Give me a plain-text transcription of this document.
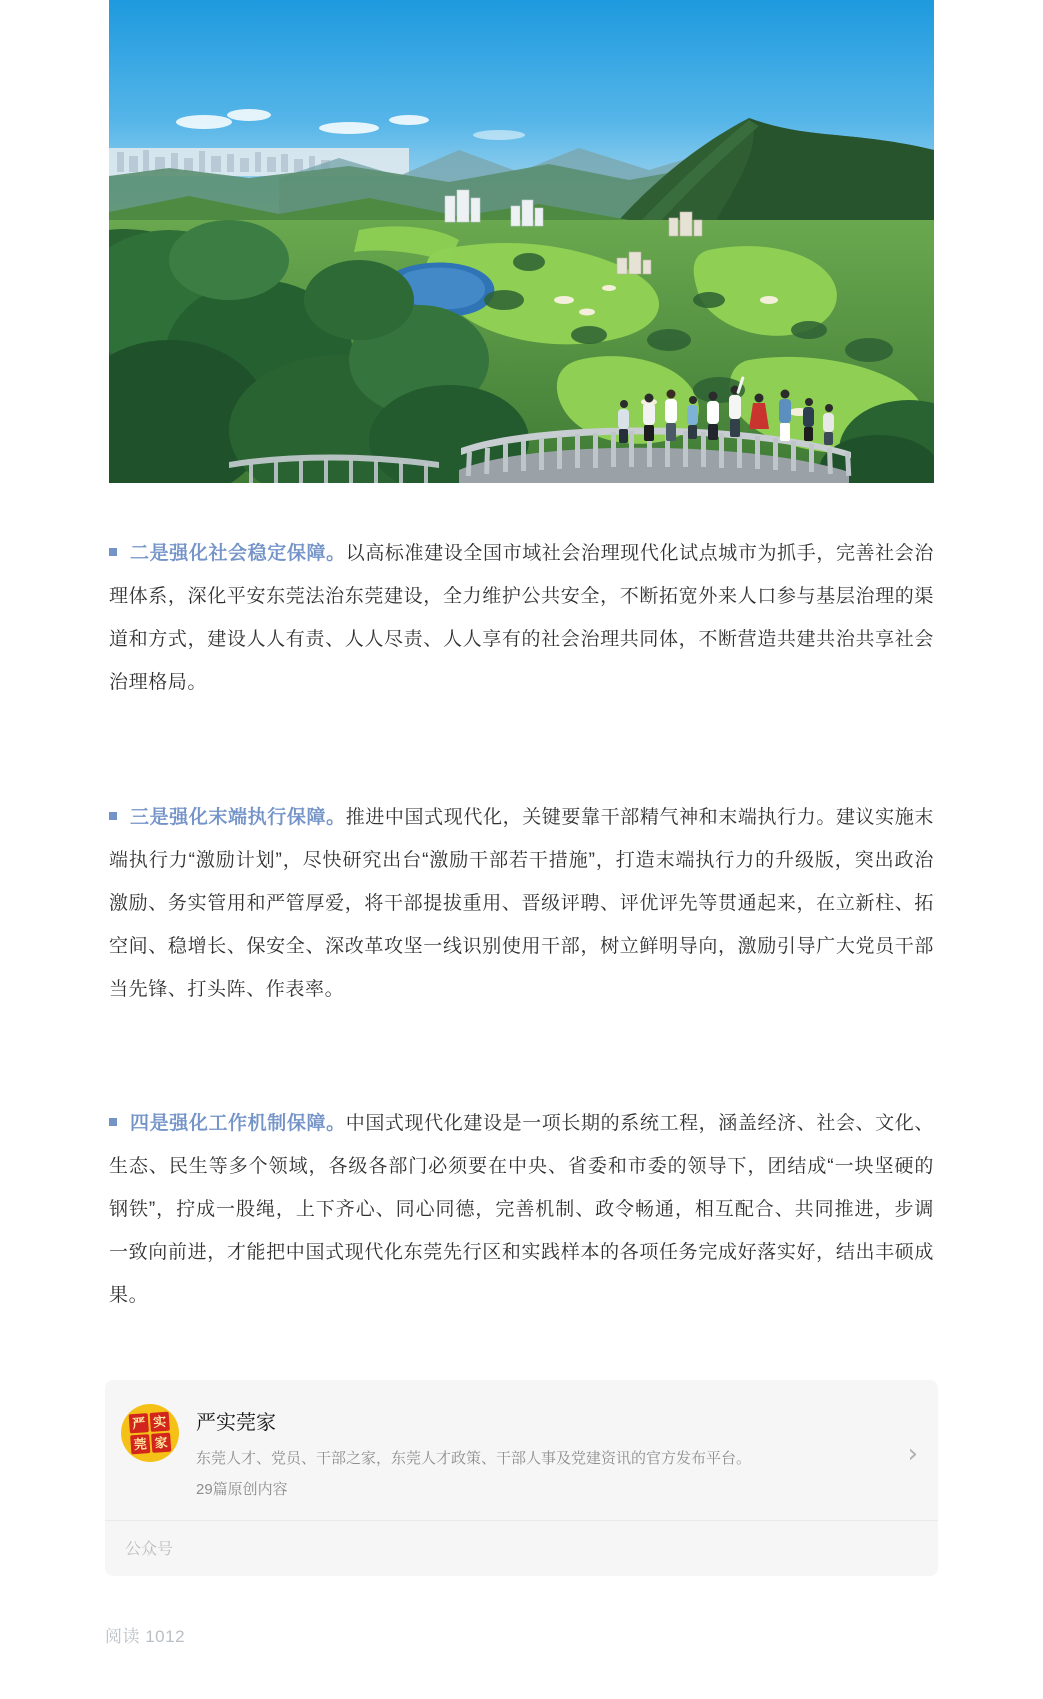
二是强化社会稳定保障。以高标准建设全国市域社会治理现代化试点城市为抓手，完善社会治理体系，深化平安东莞法治东莞建设，全力维护公共安全，不断拓宽外来人口参与基层治理的渠道和方式，建设人人有责、人人尽责、人人享有的社会治理共同体，不断营造共建共治共享社会治理格局。

三是强化末端执行保障。推进中国式现代化，关键要靠干部精气神和末端执行力。建议实施末端执行力“激励计划”，尽快研究出台“激励干部若干措施”，打造末端执行力的升级版，突出政治激励、务实管用和严管厚爱，将干部提拔重用、晋级评聘、评优评先等贯通起来，在立新柱、拓空间、稳增长、保安全、深改革攻坚一线识别使用干部，树立鲜明导向，激励引导广大党员干部当先锋、打头阵、作表率。

四是强化工作机制保障。中国式现代化建设是一项长期的系统工程，涵盖经济、社会、文化、生态、民生等多个领域，各级各部门必须要在中央、省委和市委的领导下，团结成“一块坚硬的钢铁”，拧成一股绳，上下齐心、同心同德，完善机制、政令畅通，相互配合、共同推进，步调一致向前进，才能把中国式现代化东莞先行区和实践样本的各项任务完成好落实好，结出丰硕成果。

严 实
莞 家
严实莞家

东莞人才、党员、干部之家，东莞人才政策、干部人事及党建资讯的官方发布平台。

29篇原创内容

›
公众号
阅读 1012
